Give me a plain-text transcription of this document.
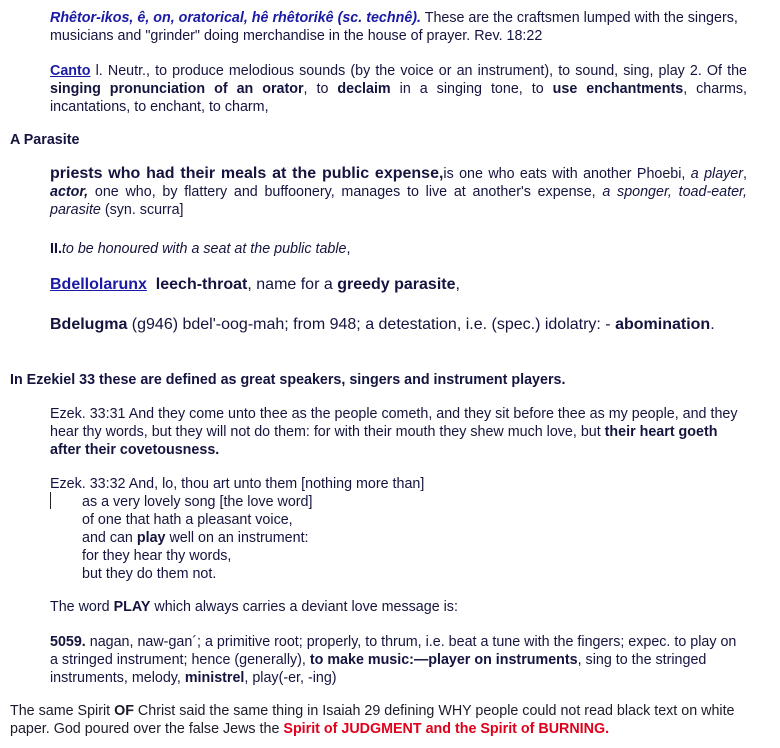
Rhêtor-ikos, ê, on, oratorical, hê rhêtorikê (sc. technê). These are the craftsmen lumped with the singers, musicians and "grinder" doing merchandise in the house of prayer. Rev. 18:22
Canto l. Neutr., to produce melodious sounds (by the voice or an instrument), to sound, sing, play 2. Of the singing pronunciation of an orator, to declaim in a singing tone, to use enchantments, charms, incantations, to enchant, to charm,
A Parasite
priests who had their meals at the public expense,is one who eats with another Phoebi, a player, actor, one who, by flattery and buffoonery, manages to live at another's expense, a sponger, toad-eater, parasite (syn. scurra]
II.to be honoured with a seat at the public table,
Bdellolarunx leech-throat, name for a greedy parasite,
Bdelugma (g946) bdel'-oog-mah; from 948; a detestation, i.e. (spec.) idolatry: - abomination.
In Ezekiel 33 these are defined as great speakers, singers and instrument players.
Ezek. 33:31 And they come unto thee as the people cometh, and they sit before thee as my people, and they hear thy words, but they will not do them: for with their mouth they shew much love, but their heart goeth after their covetousness.
Ezek. 33:32 And, lo, thou art unto them [nothing more than]
as a very lovely song [the love word]
of one that hath a pleasant voice,
and can play well on an instrument:
for they hear thy words,
but they do them not.
The word PLAY which always carries a deviant love message is:
5059. nagan, naw-gan´; a primitive root; properly, to thrum, i.e. beat a tune with the fingers; expec. to play on a stringed instrument; hence (generally), to make music:—player on instruments, sing to the stringed instruments, melody, ministrel, play(-er, -ing)
The same Spirit OF Christ said the same thing in Isaiah 29 defining WHY people could not read black text on white paper. God poured over the false Jews the Spirit of JUDGMENT and the Spirit of BURNING.
